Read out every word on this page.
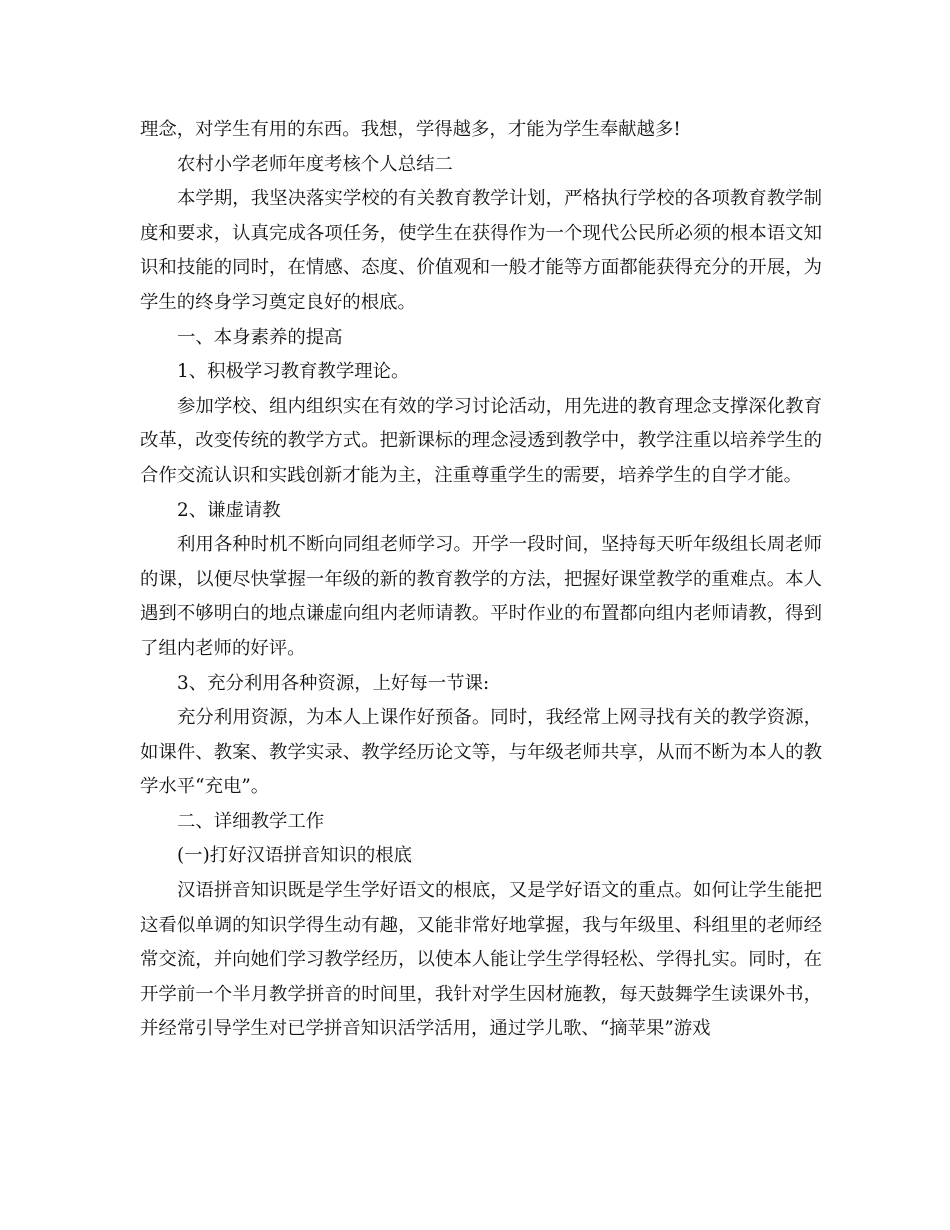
理念，对学生有用的东西。我想，学得越多，才能为学生奉献越多!

农村小学老师年度考核个人总结二

本学期，我坚决落实学校的有关教育教学计划，严格执行学校的各项教育教学制度和要求，认真完成各项任务，使学生在获得作为一个现代公民所必须的根本语文知识和技能的同时，在情感、态度、价值观和一般才能等方面都能获得充分的开展，为学生的终身学习奠定良好的根底。

一、本身素养的提高

1、积极学习教育教学理论。

参加学校、组内组织实在有效的学习讨论活动，用先进的教育理念支撑深化教育改革，改变传统的教学方式。把新课标的理念浸透到教学中，教学注重以培养学生的合作交流认识和实践创新才能为主，注重尊重学生的需要，培养学生的自学才能。

2、谦虚请教

利用各种时机不断向同组老师学习。开学一段时间，坚持每天听年级组长周老师的课，以便尽快掌握一年级的新的教育教学的方法，把握好课堂教学的重难点。本人遇到不够明白的地点谦虚向组内老师请教。平时作业的布置都向组内老师请教，得到了组内老师的好评。

3、充分利用各种资源，上好每一节课:

充分利用资源，为本人上课作好预备。同时，我经常上网寻找有关的教学资源，如课件、教案、教学实录、教学经历论文等，与年级老师共享，从而不断为本人的教学水平“充电”。

二、详细教学工作

(一)打好汉语拼音知识的根底

汉语拼音知识既是学生学好语文的根底，又是学好语文的重点。如何让学生能把这看似单调的知识学得生动有趣，又能非常好地掌握，我与年级里、科组里的老师经常交流，并向她们学习教学经历，以使本人能让学生学得轻松、学得扎实。同时，在开学前一个半月教学拼音的时间里，我针对学生因材施教，每天鼓舞学生读课外书，并经常引导学生对已学拼音知识活学活用，通过学儿歌、“摘苹果”游戏
